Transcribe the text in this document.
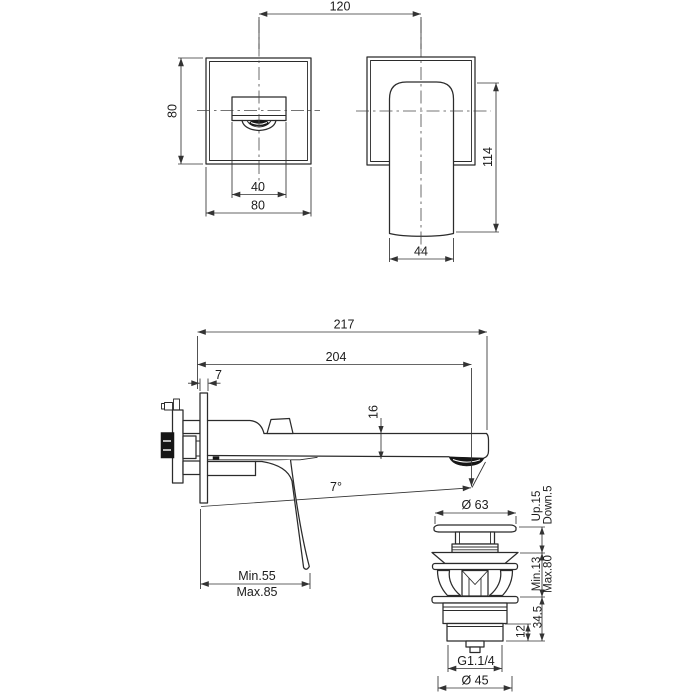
120
80
40
80
114
44
7°
217
204
7
16
Min.55
Max.85
Ø 63	Up.15 Down.5
Min.13 Max.80
34.5
12
G1.1/4
Ø 45
